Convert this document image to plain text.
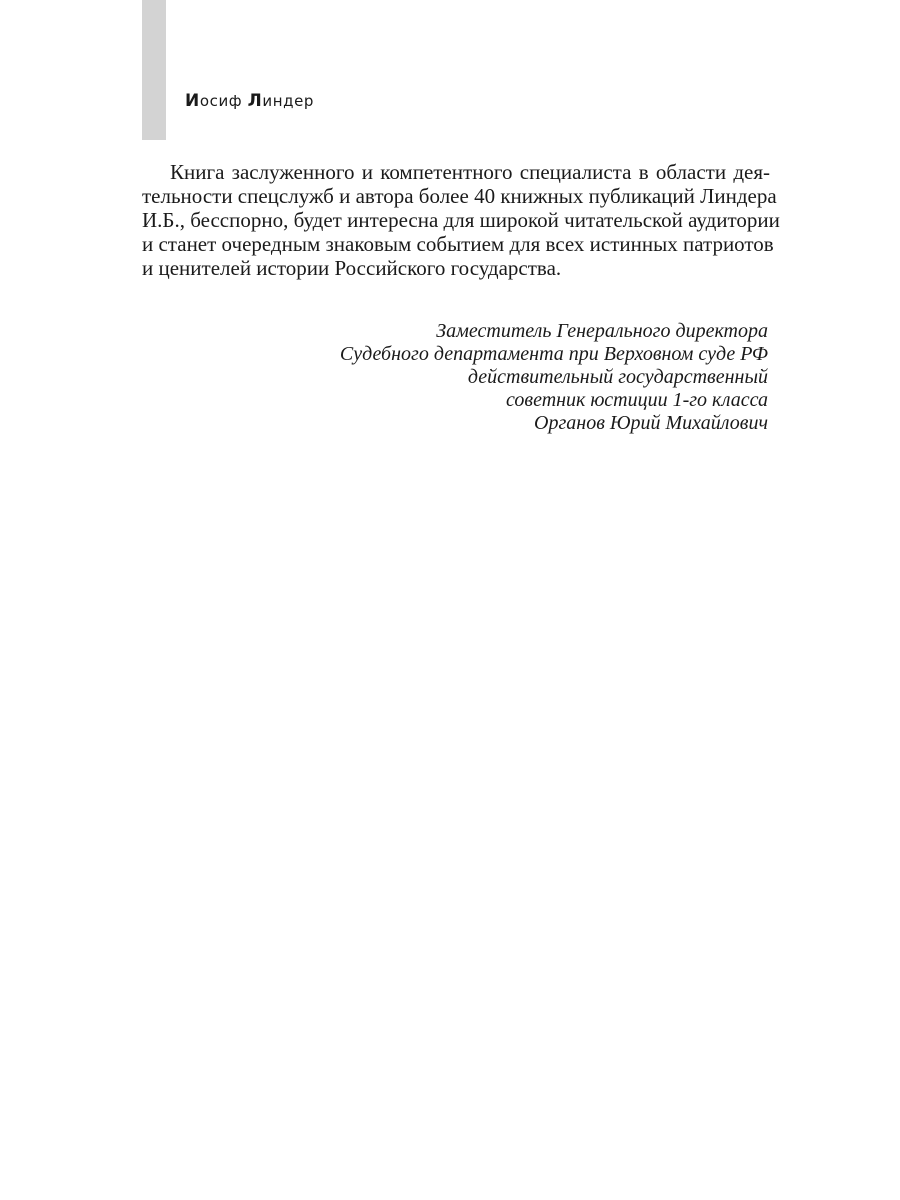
Иосиф Линдер
Книга заслуженного и компетентного специалиста в области дея-
тельности спецслужб и автора более 40 книжных публикаций Линдера
И.Б., бесспорно, будет интересна для широкой читательской аудитории
и станет очередным знаковым событием для всех истинных патриотов
и ценителей истории Российского государства.
Заместитель Генерального директора
Судебного департамента при Верховном суде РФ
действительный государственный
советник юстиции 1-го класса
Органов Юрий Михайлович
